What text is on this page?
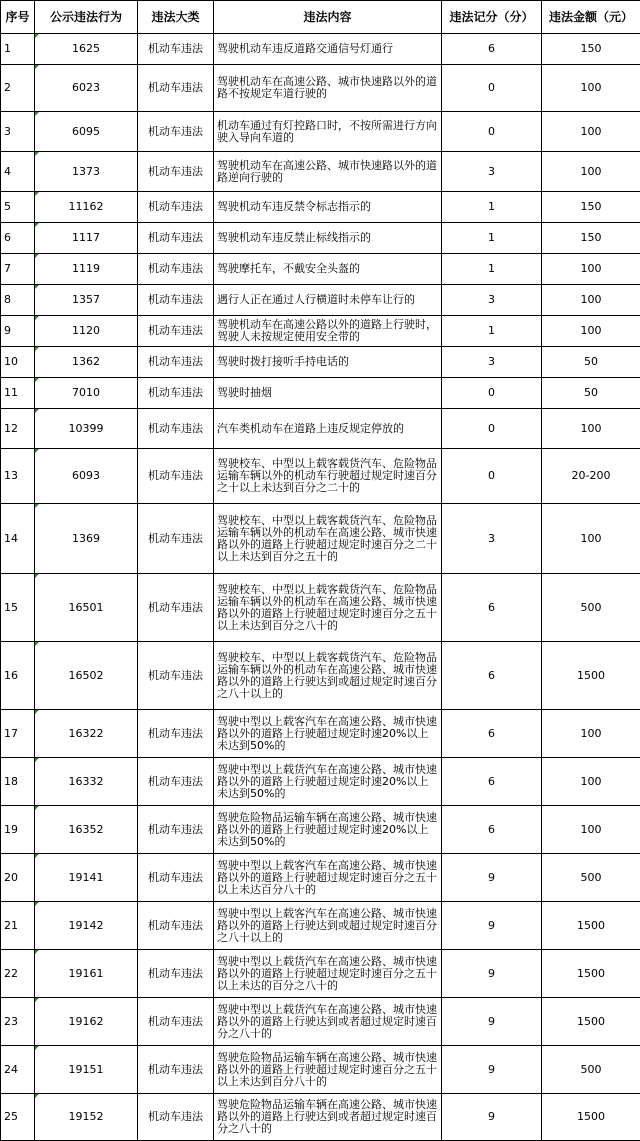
序号	公示违法行为	违法大类	违法内容	违法记分（分）	违法金额（元）
1	1625	机动车违法	驾驶机动车违反道路交通信号灯通行	6	150
2	6023	机动车违法	驾驶机动车在高速公路、城市快速路以外的道路不按规定车道行驶的	0	100
3	6095	机动车违法	机动车通过有灯控路口时，不按所需进行方向驶入导向车道的	0	100
4	1373	机动车违法	驾驶机动车在高速公路、城市快速路以外的道路逆向行驶的	3	100
5	11162	机动车违法	驾驶机动车违反禁令标志指示的	1	150
6	1117	机动车违法	驾驶机动车违反禁止标线指示的	1	150
7	1119	机动车违法	驾驶摩托车，不戴安全头盔的	1	100
8	1357	机动车违法	遇行人正在通过人行横道时未停车让行的	3	100
9	1120	机动车违法	驾驶机动车在高速公路以外的道路上行驶时，驾驶人未按规定使用安全带的	1	100
10	1362	机动车违法	驾驶时拨打接听手持电话的	3	50
11	7010	机动车违法	驾驶时抽烟	0	50
12	10399	机动车违法	汽车类机动车在道路上违反规定停放的	0	100
13	6093	机动车违法	驾驶校车、中型以上载客载货汽车、危险物品运输车辆以外的机动车行驶超过规定时速百分之十以上未达到百分之二十的	0	20-200
14	1369	机动车违法	驾驶校车、中型以上载客载货汽车、危险物品运输车辆以外的机动车在高速公路、城市快速路以外的道路上行驶超过规定时速百分之二十以上未达到百分之五十的	3	100
15	16501	机动车违法	驾驶校车、中型以上载客载货汽车、危险物品运输车辆以外的机动车在高速公路、城市快速路以外的道路上行驶超过规定时速百分之五十以上未达到百分之八十的	6	500
16	16502	机动车违法	驾驶校车、中型以上载客载货汽车、危险物品运输车辆以外的机动车在高速公路、城市快速路以外的道路上行驶达到或超过规定时速百分之八十以上的	6	1500
17	16322	机动车违法	驾驶中型以上载客汽车在高速公路、城市快速路以外的道路上行驶超过规定时速20%以上未达到50%的	6	100
18	16332	机动车违法	驾驶中型以上载货汽车在高速公路、城市快速路以外的道路上行驶超过规定时速20%以上未达到50%的	6	100
19	16352	机动车违法	驾驶危险物品运输车辆在高速公路、城市快速路以外的道路上行驶超过规定时速20%以上未达到50%的	6	100
20	19141	机动车违法	驾驶中型以上载客汽车在高速公路、城市快速路以外的道路上行驶超过规定时速百分之五十以上未达百分八十的	9	500
21	19142	机动车违法	驾驶中型以上载客汽车在高速公路、城市快速路以外的道路上行驶达到或超过规定时速百分之八十以上的	9	1500
22	19161	机动车违法	驾驶中型以上载货汽车在高速公路、城市快速路以外的道路上行驶超过规定时速百分之五十以上未达的百分之八十的	9	1500
23	19162	机动车违法	驾驶中型以上载货汽车在高速公路、城市快速路以外的道路上行驶达到或者超过规定时速百分之八十的	9	1500
24	19151	机动车违法	驾驶危险物品运输车辆在高速公路、城市快速路以外的道路上行驶超过规定时速百分之五十以上未达到百分八十的	9	500
25	19152	机动车违法	驾驶危险物品运输车辆在高速公路、城市快速路以外的道路上行驶达到或者超过规定时速百分之八十的	9	1500
